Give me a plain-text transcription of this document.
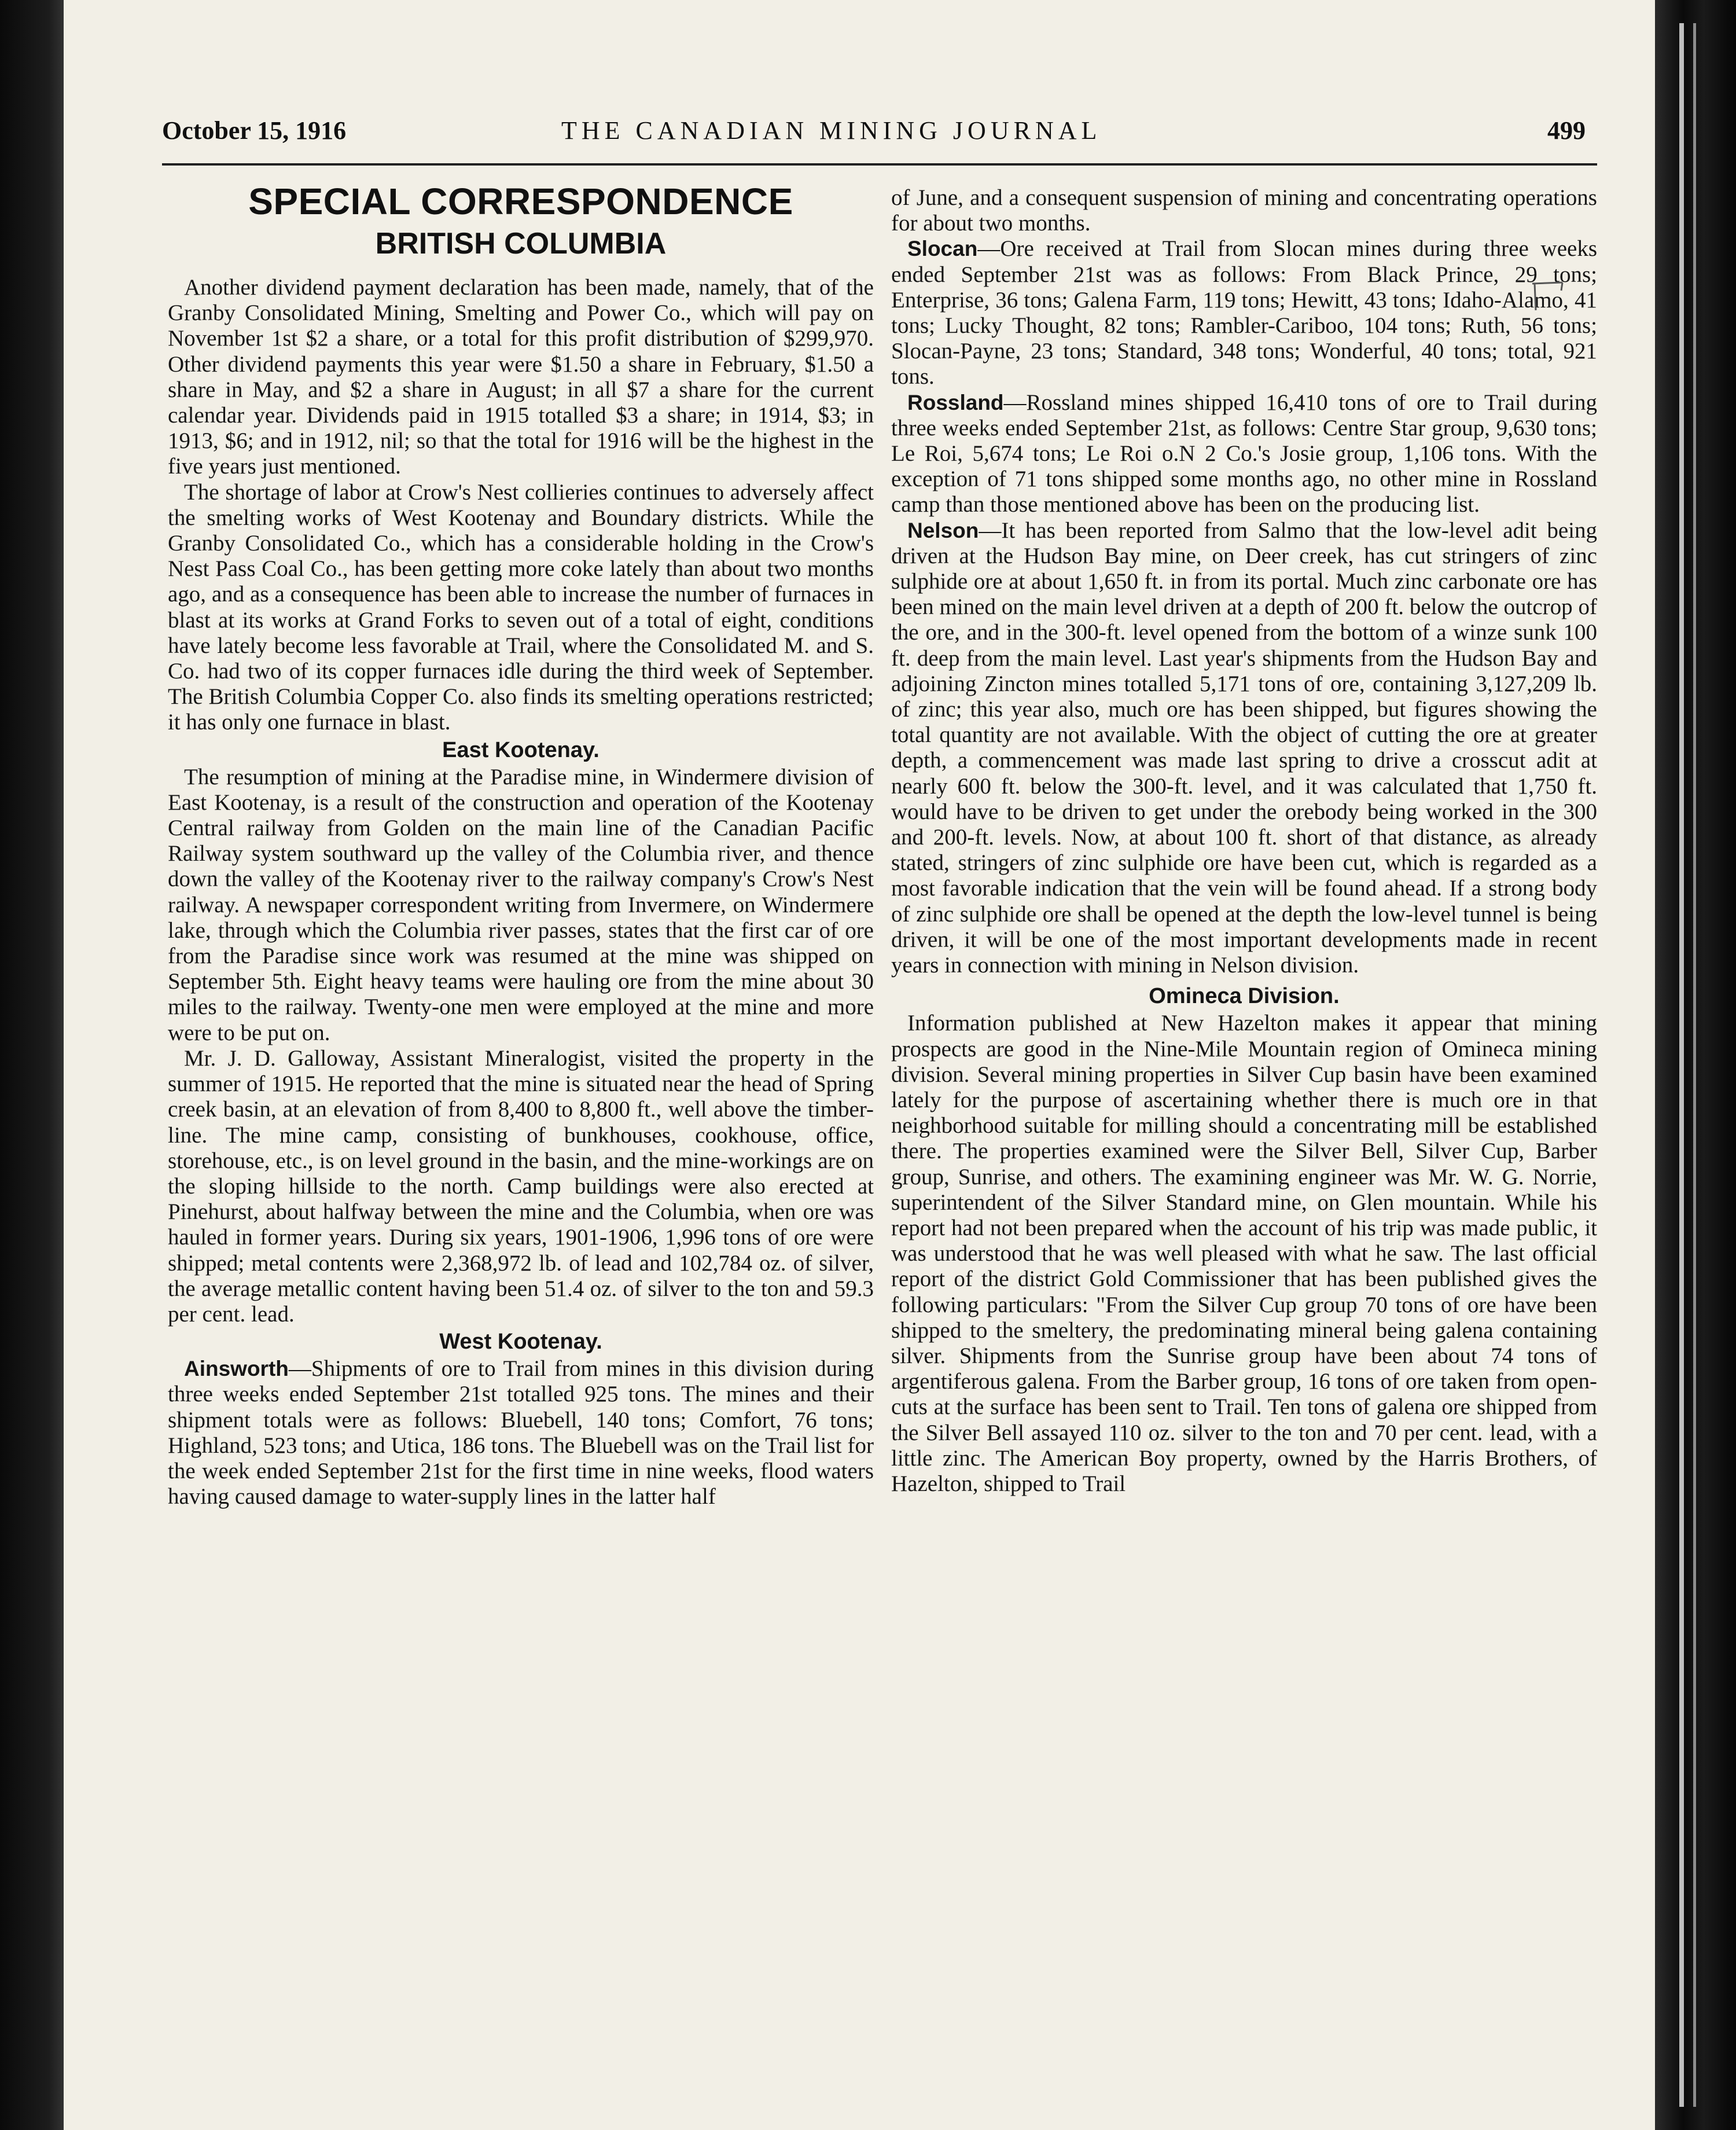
October 15, 1916	THE CANADIAN MINING JOURNAL	499
SPECIAL CORRESPONDENCE
BRITISH COLUMBIA

Another dividend payment declaration has been made, namely, that of the Granby Consolidated Mining, Smelting and Power Co., which will pay on November 1st $2 a share, or a total for this profit distribution of $299,970. Other dividend payments this year were $1.50 a share in February, $1.50 a share in May, and $2 a share in August; in all $7 a share for the current calendar year. Dividends paid in 1915 totalled $3 a share; in 1914, $3; in 1913, $6; and in 1912, nil; so that the total for 1916 will be the highest in the five years just mentioned.

The shortage of labor at Crow's Nest collieries continues to adversely affect the smelting works of West Kootenay and Boundary districts. While the Granby Consolidated Co., which has a considerable holding in the Crow's Nest Pass Coal Co., has been getting more coke lately than about two months ago, and as a consequence has been able to increase the number of furnaces in blast at its works at Grand Forks to seven out of a total of eight, conditions have lately become less favorable at Trail, where the Consolidated M. and S. Co. had two of its copper furnaces idle during the third week of September. The British Columbia Copper Co. also finds its smelting operations restricted; it has only one furnace in blast.

East Kootenay.

The resumption of mining at the Paradise mine, in Windermere division of East Kootenay, is a result of the construction and operation of the Kootenay Central railway from Golden on the main line of the Canadian Pacific Railway system southward up the valley of the Columbia river, and thence down the valley of the Kootenay river to the railway company's Crow's Nest railway. A newspaper correspondent writing from Invermere, on Windermere lake, through which the Columbia river passes, states that the first car of ore from the Paradise since work was resumed at the mine was shipped on September 5th. Eight heavy teams were hauling ore from the mine about 30 miles to the railway. Twenty-one men were employed at the mine and more were to be put on.

Mr. J. D. Galloway, Assistant Mineralogist, visited the property in the summer of 1915. He reported that the mine is situated near the head of Spring creek basin, at an elevation of from 8,400 to 8,800 ft., well above the timber-line. The mine camp, consisting of bunkhouses, cookhouse, office, storehouse, etc., is on level ground in the basin, and the mine-workings are on the sloping hillside to the north. Camp buildings were also erected at Pinehurst, about halfway between the mine and the Columbia, when ore was hauled in former years. During six years, 1901-1906, 1,996 tons of ore were shipped; metal contents were 2,368,972 lb. of lead and 102,784 oz. of silver, the average metallic content having been 51.4 oz. of silver to the ton and 59.3 per cent. lead.

West Kootenay.

Ainsworth—Shipments of ore to Trail from mines in this division during three weeks ended September 21st totalled 925 tons. The mines and their shipment totals were as follows: Bluebell, 140 tons; Comfort, 76 tons; Highland, 523 tons; and Utica, 186 tons. The Bluebell was on the Trail list for the week ended September 21st for the first time in nine weeks, flood waters having caused damage to water-supply lines in the latter half

of June, and a consequent suspension of mining and concentrating operations for about two months.

Slocan—Ore received at Trail from Slocan mines during three weeks ended September 21st was as follows: From Black Prince, 29 tons; Enterprise, 36 tons; Galena Farm, 119 tons; Hewitt, 43 tons; Idaho-Alamo, 41 tons; Lucky Thought, 82 tons; Rambler-Cariboo, 104 tons; Ruth, 56 tons; Slocan-Payne, 23 tons; Standard, 348 tons; Wonderful, 40 tons; total, 921 tons.

Rossland—Rossland mines shipped 16,410 tons of ore to Trail during three weeks ended September 21st, as follows: Centre Star group, 9,630 tons; Le Roi, 5,674 tons; Le Roi o.N 2 Co.'s Josie group, 1,106 tons. With the exception of 71 tons shipped some months ago, no other mine in Rossland camp than those mentioned above has been on the producing list.

Nelson—It has been reported from Salmo that the low-level adit being driven at the Hudson Bay mine, on Deer creek, has cut stringers of zinc sulphide ore at about 1,650 ft. in from its portal. Much zinc carbonate ore has been mined on the main level driven at a depth of 200 ft. below the outcrop of the ore, and in the 300-ft. level opened from the bottom of a winze sunk 100 ft. deep from the main level. Last year's shipments from the Hudson Bay and adjoining Zincton mines totalled 5,171 tons of ore, containing 3,127,209 lb. of zinc; this year also, much ore has been shipped, but figures showing the total quantity are not available. With the object of cutting the ore at greater depth, a commencement was made last spring to drive a crosscut adit at nearly 600 ft. below the 300-ft. level, and it was calculated that 1,750 ft. would have to be driven to get under the orebody being worked in the 300 and 200-ft. levels. Now, at about 100 ft. short of that distance, as already stated, stringers of zinc sulphide ore have been cut, which is regarded as a most favorable indication that the vein will be found ahead. If a strong body of zinc sulphide ore shall be opened at the depth the low-level tunnel is being driven, it will be one of the most important developments made in recent years in connection with mining in Nelson division.

Omineca Division.

Information published at New Hazelton makes it appear that mining prospects are good in the Nine-Mile Mountain region of Omineca mining division. Several mining properties in Silver Cup basin have been examined lately for the purpose of ascertaining whether there is much ore in that neighborhood suitable for milling should a concentrating mill be established there. The properties examined were the Silver Bell, Silver Cup, Barber group, Sunrise, and others. The examining engineer was Mr. W. G. Norrie, superintendent of the Silver Standard mine, on Glen mountain. While his report had not been prepared when the account of his trip was made public, it was understood that he was well pleased with what he saw. The last official report of the district Gold Commissioner that has been published gives the following particulars: "From the Silver Cup group 70 tons of ore have been shipped to the smeltery, the predominating mineral being galena containing silver. Shipments from the Sunrise group have been about 74 tons of argentiferous galena. From the Barber group, 16 tons of ore taken from open-cuts at the surface has been sent to Trail. Ten tons of galena ore shipped from the Silver Bell assayed 110 oz. silver to the ton and 70 per cent. lead, with a little zinc. The American Boy property, owned by the Harris Brothers, of Hazelton, shipped to Trail
